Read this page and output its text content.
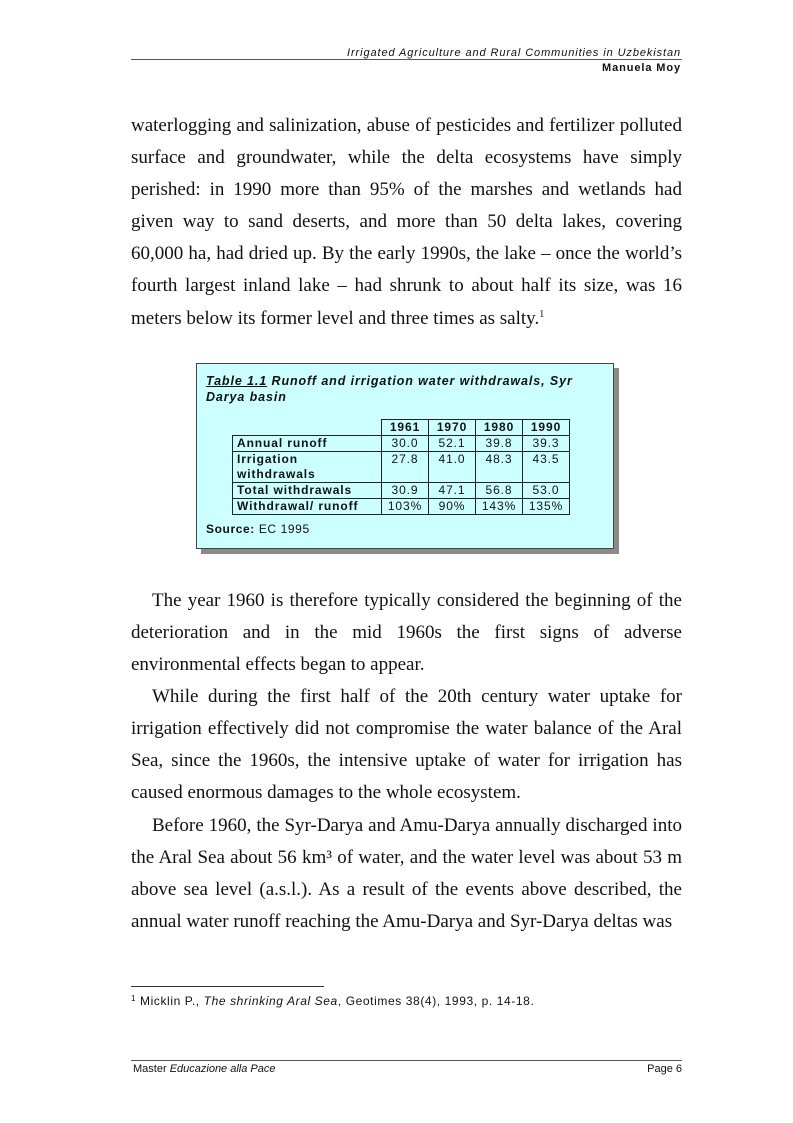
Irrigated Agriculture and Rural Communities in Uzbekistan
Manuela Moy

waterlogging and salinization, abuse of pesticides and fertilizer polluted surface and groundwater, while the delta ecosystems have simply perished: in 1990 more than 95% of the marshes and wetlands had given way to sand deserts, and more than 50 delta lakes, covering 60,000 ha, had dried up. By the early 1990s, the lake – once the world’s fourth largest inland lake – had shrunk to about half its size, was 16 meters below its former level and three times as salty.$^1$

Table 1.1 Runoff and irrigation water withdrawals, Syr Darya basin
	1961	1970	1980	1990
Annual runoff	30.0	52.1	39.8	39.3
Irrigation withdrawals	27.8	41.0	48.3	43.5
Total withdrawals	30.9	47.1	56.8	53.0
Withdrawal/ runoff	103%	90%	143%	135%
Source: EC 1995

The year 1960 is therefore typically considered the beginning of the deterioration and in the mid 1960s the first signs of adverse environmental effects began to appear.

While during the first half of the 20th century water uptake for irrigation effectively did not compromise the water balance of the Aral Sea, since the 1960s, the intensive uptake of water for irrigation has caused enormous damages to the whole ecosystem.

Before 1960, the Syr-Darya and Amu-Darya annually discharged into the Aral Sea about 56 km³ of water, and the water level was about 53 m above sea level (a.s.l.). As a result of the events above described, the annual water runoff reaching the Amu-Darya and Syr-Darya deltas was

$^1$ Micklin P., The shrinking Aral Sea, Geotimes 38(4), 1993, p. 14-18.
Master Educazione alla Pace	Page 6
